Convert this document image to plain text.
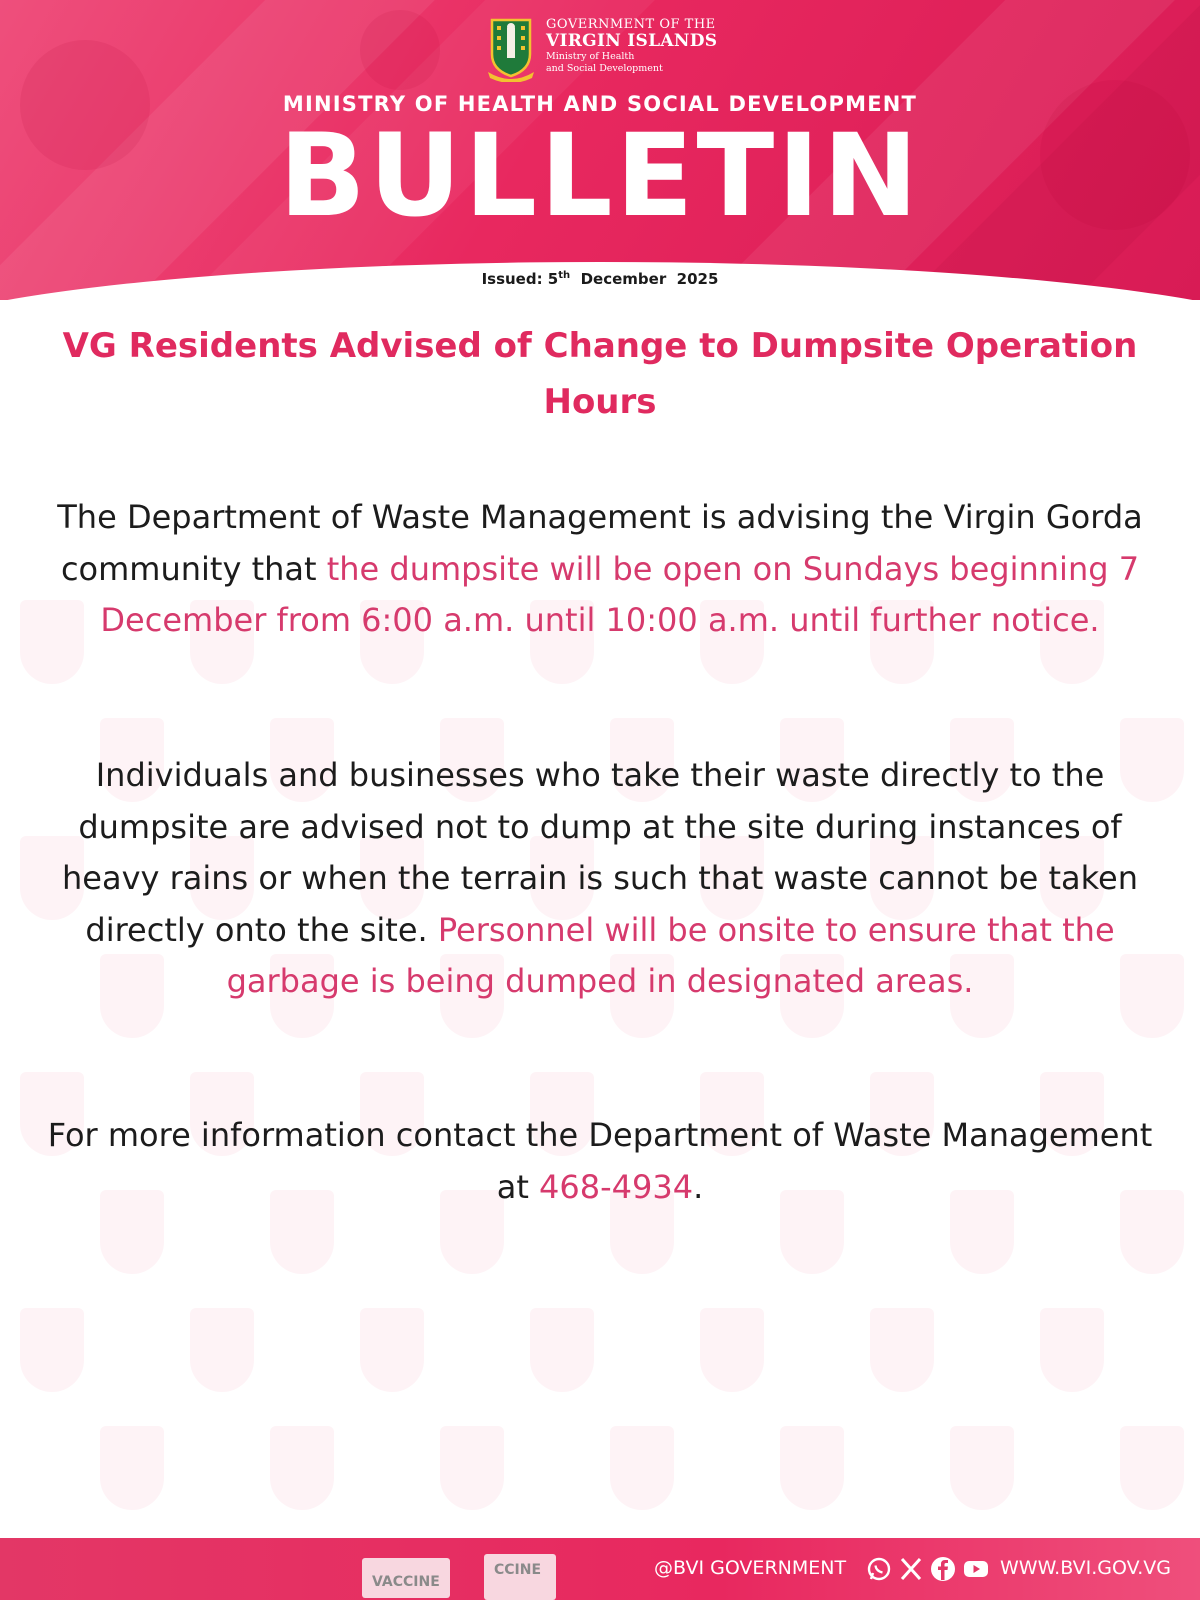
GOVERNMENT OF THE
VIRGIN ISLANDS
Ministry of Health
and Social Development
MINISTRY OF HEALTH AND SOCIAL DEVELOPMENT
BULLETIN
Issued: 5th December  2025
VG Residents Advised of Change to Dumpsite Operation Hours
The Department of Waste Management is advising the Virgin Gorda community that the dumpsite will be open on Sundays beginning 7 December from 6:00 a.m. until 10:00 a.m. until further notice.
Individuals and businesses who take their waste directly to the dumpsite are advised not to dump at the site during instances of heavy rains or when the terrain is such that waste cannot be taken directly onto the site. Personnel will be onsite to ensure that the garbage is being dumped in designated areas.
For more information contact the Department of Waste Management at 468-4934.
VACCINE
CCINE	@BVI GOVERNMENT	WWW.BVI.GOV.VG
